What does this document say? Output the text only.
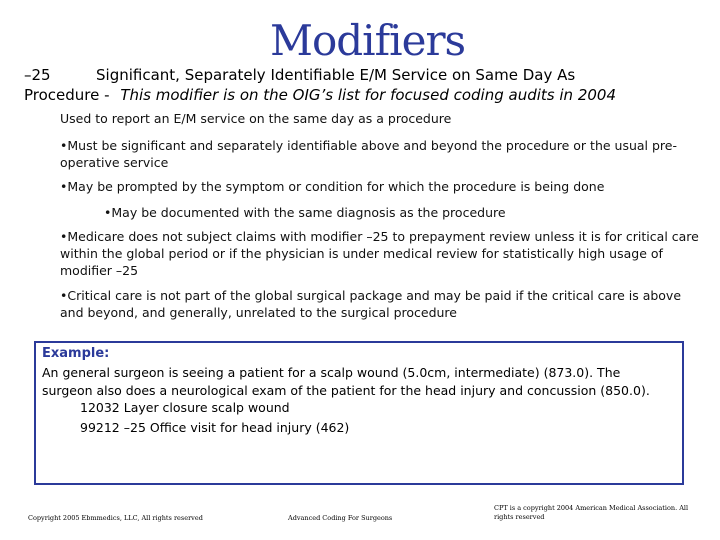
Modifiers
–25	Significant, Separately Identifiable E/M Service on Same Day As
Procedure - This modifier is on the OIG’s list for focused coding audits in 2004
Used to report an E/M service on the same day as a procedure
•Must be significant and separately identifiable above and beyond the procedure or the usual pre-operative service
•May be prompted by the symptom or condition for which the procedure is being done
•May be documented with the same diagnosis as the procedure
•Medicare does not subject claims with modifier –25 to prepayment review unless it is for critical care within the global period or if the physician is under medical review for statistically high usage of modifier –25
•Critical care is not part of the global surgical package and may be paid if the critical care is above and beyond, and generally, unrelated to the surgical procedure
Example:
An general surgeon is seeing a patient for a scalp wound (5.0cm, intermediate) (873.0). The surgeon also does a neurological exam of the patient for the head injury and concussion (850.0).
12032 Layer closure scalp wound
99212 –25 Office visit for head injury (462)
Copyright 2005 Ebmmedics, LLC, All rights reserved	Advanced Coding For Surgeons
CPT is a copyright 2004 American Medical Association. All rights reserved
